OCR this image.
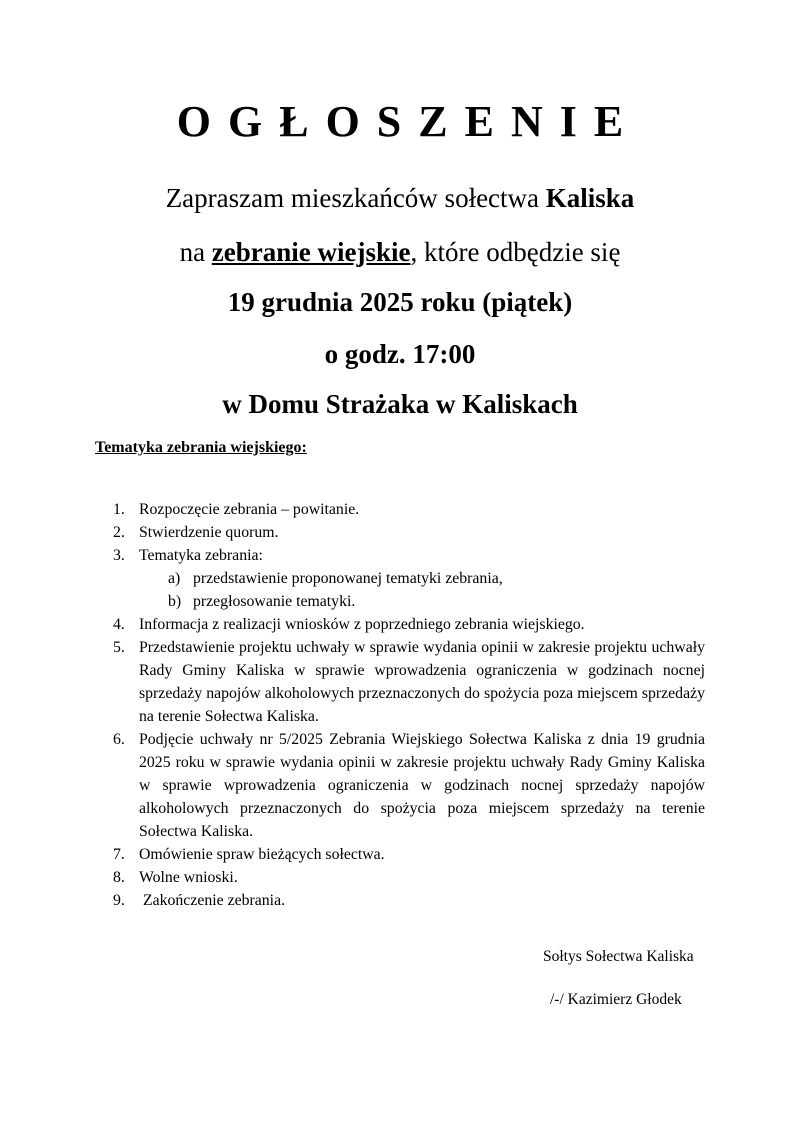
OGŁOSZENIE
Zapraszam mieszkańców sołectwa Kaliska
na zebranie wiejskie, które odbędzie się
19 grudnia 2025 roku (piątek)
o godz. 17:00
w Domu Strażaka w Kaliskach
Tematyka zebrania wiejskiego:
1. Rozpoczęcie zebrania – powitanie.
2. Stwierdzenie quorum.
3. Tematyka zebrania:
a) przedstawienie proponowanej tematyki zebrania,
b) przegłosowanie tematyki.
4. Informacja z realizacji wniosków z poprzedniego zebrania wiejskiego.
5. Przedstawienie projektu uchwały w sprawie wydania opinii w zakresie projektu uchwały Rady Gminy Kaliska w sprawie wprowadzenia ograniczenia w godzinach nocnej sprzedaży napojów alkoholowych przeznaczonych do spożycia poza miejscem sprzedaży na terenie Sołectwa Kaliska.
6. Podjęcie uchwały nr 5/2025 Zebrania Wiejskiego Sołectwa Kaliska z dnia 19 grudnia 2025 roku w sprawie wydania opinii w zakresie projektu uchwały Rady Gminy Kaliska w sprawie wprowadzenia ograniczenia w godzinach nocnej sprzedaży napojów alkoholowych przeznaczonych do spożycia poza miejscem sprzedaży na terenie Sołectwa Kaliska.
7. Omówienie spraw bieżących sołectwa.
8. Wolne wnioski.
9. Zakończenie zebrania.
Sołtys Sołectwa Kaliska
/-/ Kazimierz Głodek
